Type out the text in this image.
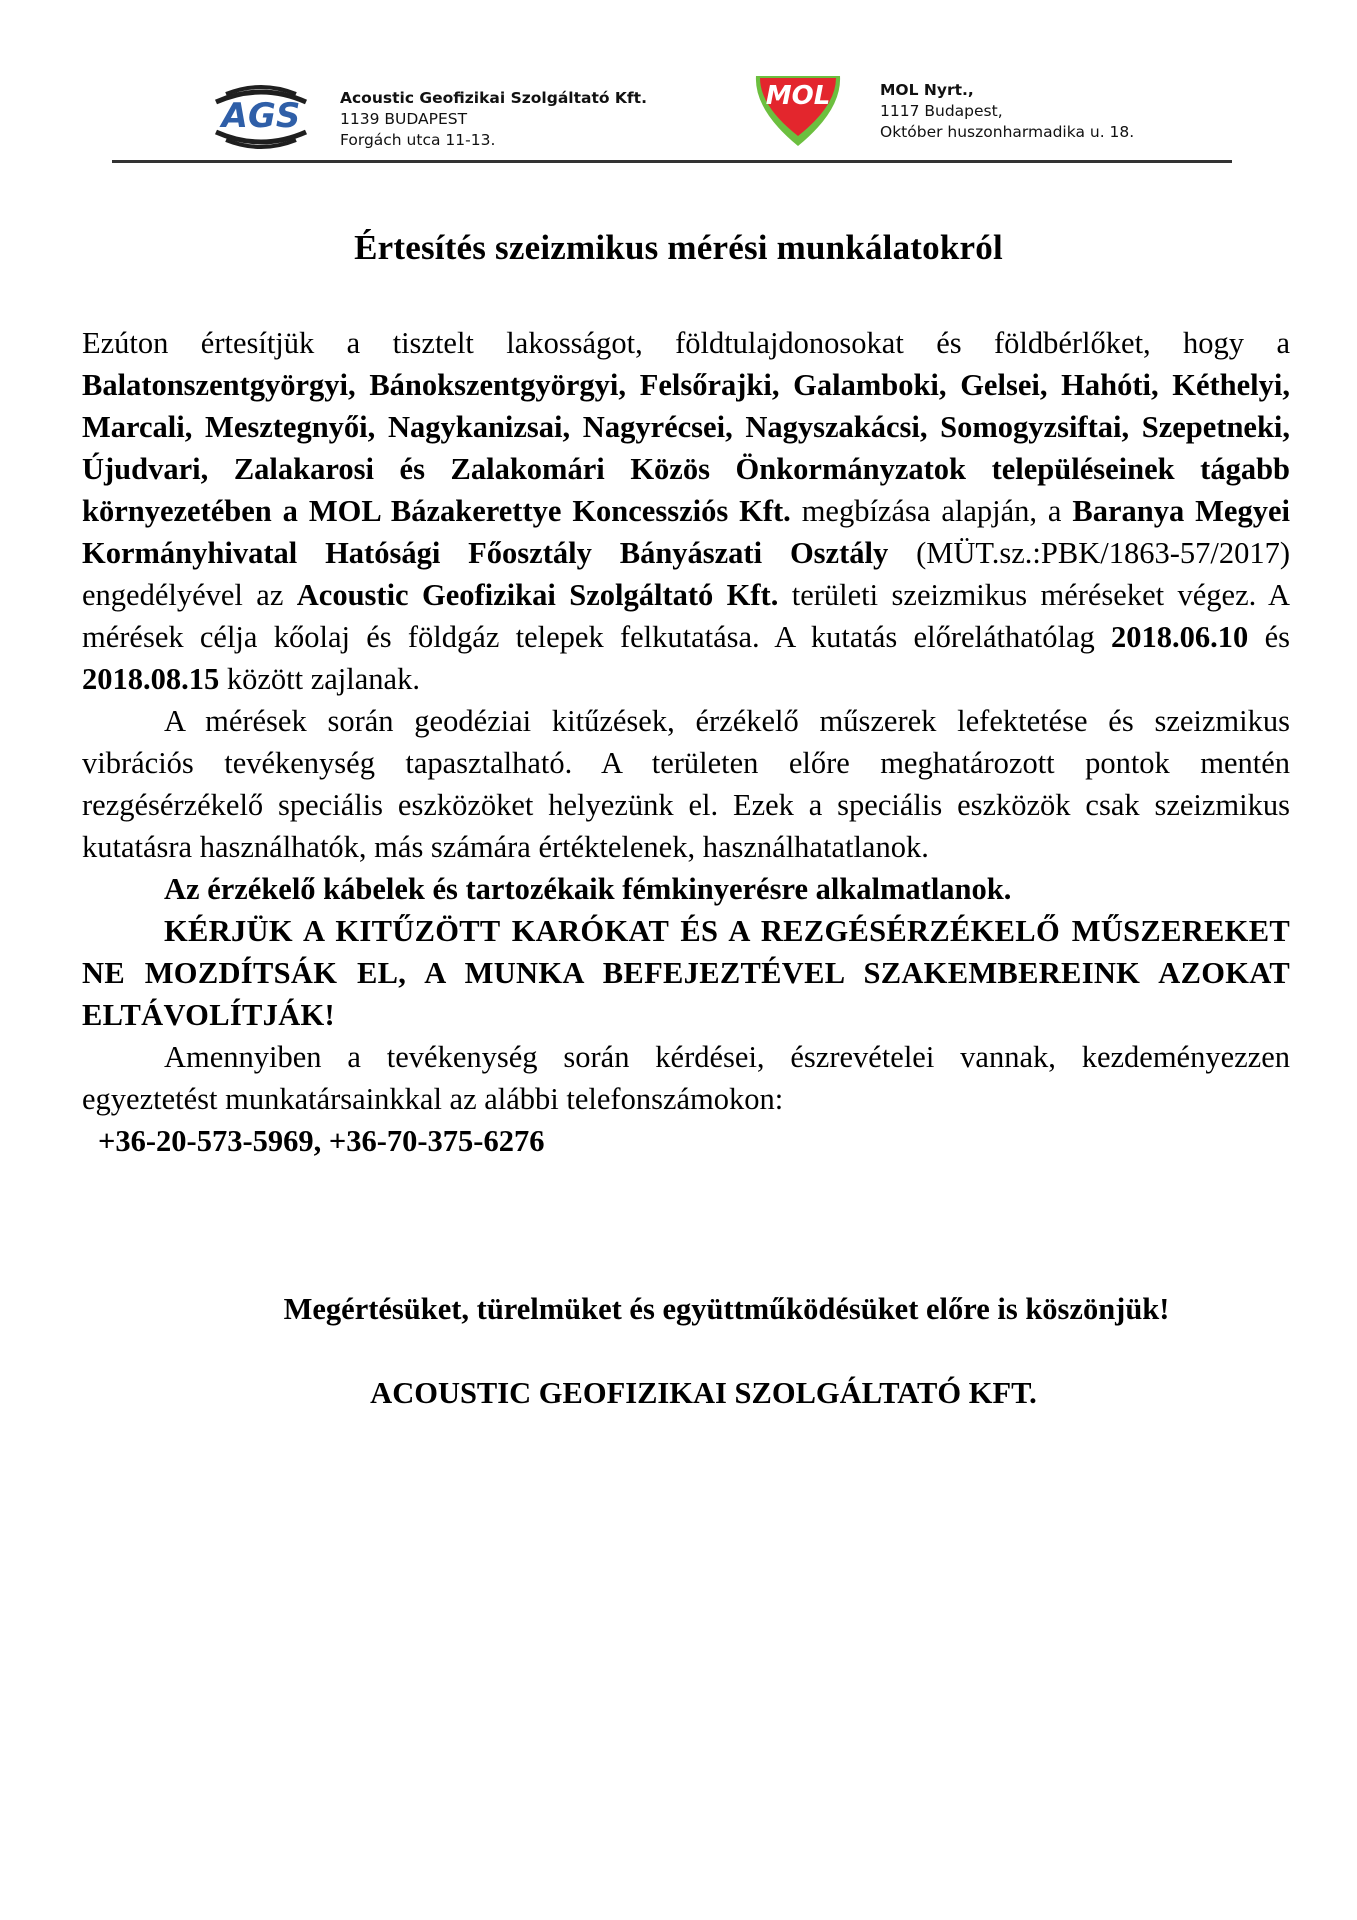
AGS	Acoustic Geofizikai Szolgáltató Kft.
1139 BUDAPEST
Forgách utca 11-13.
MOL	MOL Nyrt.,
1117 Budapest,
Október huszonharmadika u. 18.
Értesítés szeizmikus mérési munkálatokról

Ezúton értesítjük a tisztelt lakosságot, földtulajdonosokat és földbérlőket, hogy a Balatonszentgyörgyi, Bánokszentgyörgyi, Felsőrajki, Galamboki, Gelsei, Hahóti, Kéthelyi, Marcali, Mesztegnyői, Nagykanizsai, Nagyrécsei, Nagyszakácsi, Somogyzsiftai, Szepetneki, Újudvari, Zalakarosi és Zalakomári Közös Önkormányzatok településeinek tágabb környezetében a MOL Bázakerettye Koncessziós Kft. megbízása alapján, a Baranya Megyei Kormányhivatal Hatósági Főosztály Bányászati Osztály (MÜT.sz.:PBK/1863-57/2017) engedélyével az Acoustic Geofizikai Szolgáltató Kft. területi szeizmikus méréseket végez. A mérések célja kőolaj és földgáz telepek felkutatása. A kutatás előreláthatólag 2018.06.10 és 2018.08.15 között zajlanak.

A mérések során geodéziai kitűzések, érzékelő műszerek lefektetése és szeizmikus vibrációs tevékenység tapasztalható. A területen előre meghatározott pontok mentén rezgésérzékelő speciális eszközöket helyezünk el. Ezek a speciális eszközök csak szeizmikus kutatásra használhatók, más számára értéktelenek, használhatatlanok.

Az érzékelő kábelek és tartozékaik fémkinyerésre alkalmatlanok.

KÉRJÜK A KITŰZÖTT KARÓKAT ÉS A REZGÉSÉRZÉKELŐ MŰSZEREKET NE MOZDÍTSÁK EL, A MUNKA BEFEJEZTÉVEL SZAKEMBEREINK AZOKAT ELTÁVOLÍTJÁK!

Amennyiben a tevékenység során kérdései, észrevételei vannak, kezdeményezzen egyeztetést munkatársainkkal az alábbi telefonszámokon:

+36-20-573-5969, +36-70-375-6276

Megértésüket, türelmüket és együttműködésüket előre is köszönjük!
ACOUSTIC GEOFIZIKAI SZOLGÁLTATÓ KFT.
